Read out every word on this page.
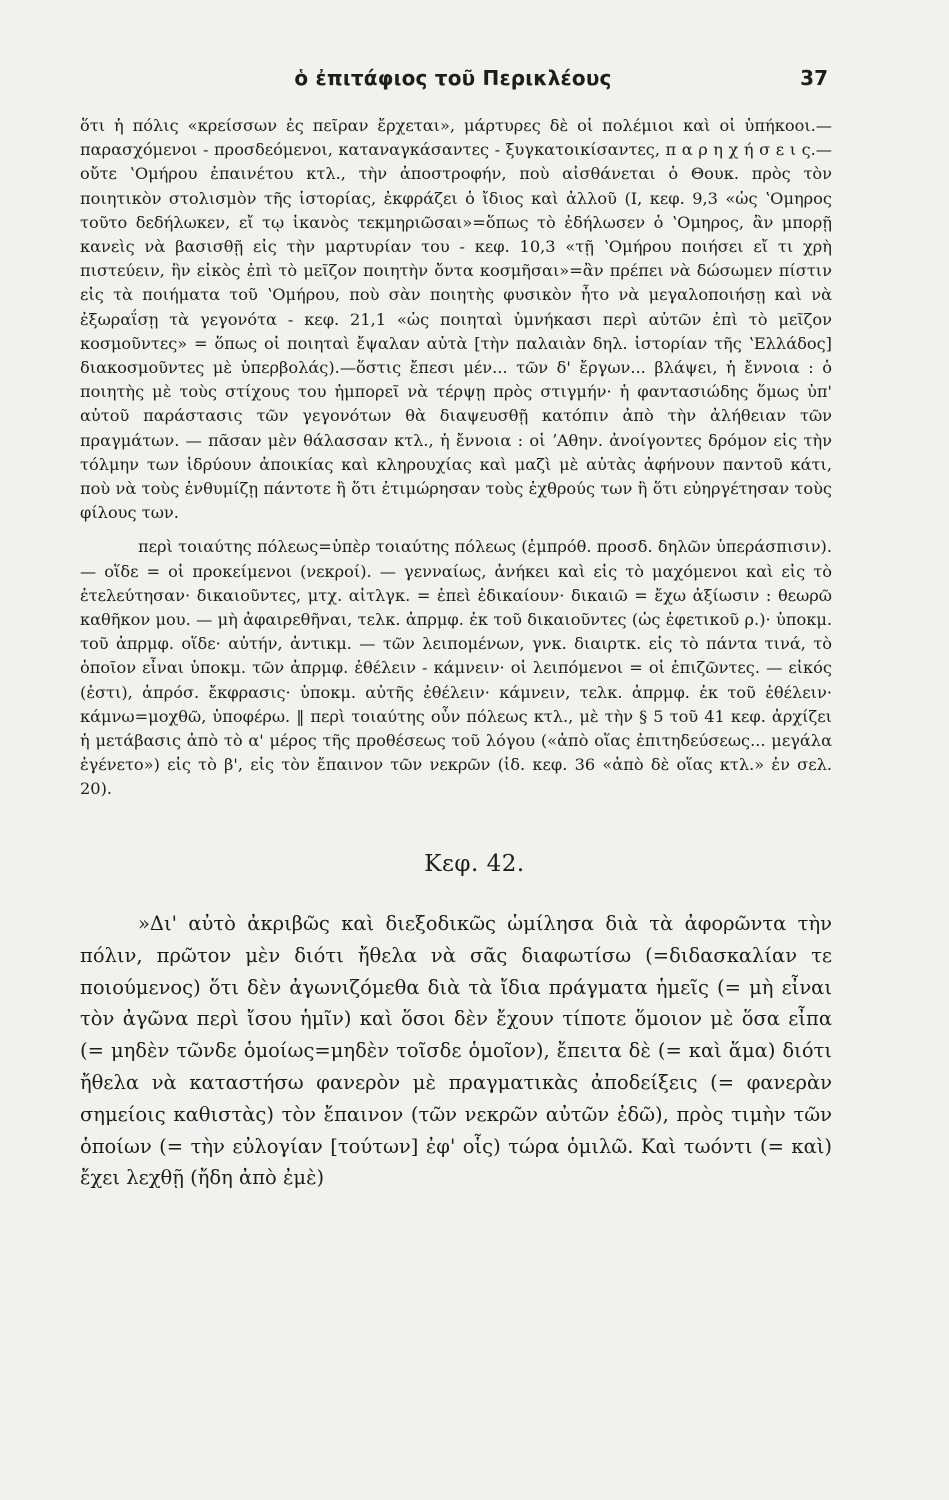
ὁ ἐπιτάφιος τοῦ Περικλέους	37

ὅτι ἡ πόλις «κρείσσων ἐς πεῖραν ἔρχεται», μάρτυρες δὲ οἱ πολέμιοι καὶ οἱ ὑπήκοοι.—παρασχόμενοι - προσδεόμενοι, καταναγκάσαντες - ξυγκατοικίσαντες, π α ρ η χ ή σ ε ι ς.—οὔτε ʽΟμήρου ἐπαινέτου κτλ., τὴν ἀποστροφήν, ποὺ αἰσθάνεται ὁ Θουκ. πρὸς τὸν ποιητικὸν στολισμὸν τῆς ἱστορίας, ἐκφράζει ὁ ἴδιος καὶ ἀλλοῦ (Ι, κεφ. 9,3 «ὡς ʽΟμηρος τοῦτο δεδήλωκεν, εἴ τῳ ἱκανὸς τεκμηριῶσαι»=ὅπως τὸ ἐδήλωσεν ὁ ʽΟμηρος, ἂν μπορῇ κανεὶς νὰ βασισθῇ εἰς τὴν μαρτυρίαν του - κεφ. 10,3 «τῇ ʽΟμήρου ποιήσει εἴ τι χρὴ πιστεύειν, ἣν εἰκὸς ἐπὶ τὸ μεῖζον ποιητὴν ὄντα κοσμῆσαι»=ἂν πρέπει νὰ δώσωμεν πίστιν εἰς τὰ ποιήματα τοῦ ʽΟμήρου, ποὺ σὰν ποιητὴς φυσικὸν ἦτο νὰ μεγαλοποιήσῃ καὶ νὰ ἐξωραΐσῃ τὰ γεγονότα - κεφ. 21,1 «ὡς ποιηταὶ ὑμνήκασι περὶ αὐτῶν ἐπὶ τὸ μεῖζον κοσμοῦντες» = ὅπως οἱ ποιηταὶ ἔψαλαν αὐτὰ [τὴν παλαιὰν δηλ. ἱστορίαν τῆς ʽΕλλάδος] διακοσμοῦντες μὲ ὑπερβολάς).—ὅστις ἔπεσι μέν... τῶν δ' ἔργων... βλάψει, ἡ ἔννοια : ὁ ποιητὴς μὲ τοὺς στίχους του ἠμπορεῖ νὰ τέρψῃ πρὸς στιγμήν· ἡ φαντασιώδης ὅμως ὑπ' αὐτοῦ παράστασις τῶν γεγονότων θὰ διαψευσθῇ κατόπιν ἀπὸ τὴν ἀλήθειαν τῶν πραγμάτων. — πᾶσαν μὲν θάλασσαν κτλ., ἡ ἔννοια : οἱ ʼΑθην. ἀνοίγοντες δρόμον εἰς τὴν τόλμην των ἱδρύουν ἀποικίας καὶ κληρουχίας καὶ μαζὶ μὲ αὐτὰς ἀφήνουν παντοῦ κάτι, ποὺ νὰ τοὺς ἐνθυμίζῃ πάντοτε ἢ ὅτι ἐτιμώρησαν τοὺς ἐχθρούς των ἢ ὅτι εὐηργέτησαν τοὺς φίλους των.

περὶ τοιαύτης πόλεως=ὑπὲρ τοιαύτης πόλεως (ἐμπρόθ. προσδ. δηλῶν ὑπεράσπισιν). — οἵδε = οἱ προκείμενοι (νεκροί). — γενναίως, ἀνήκει καὶ εἰς τὸ μαχόμενοι καὶ εἰς τὸ ἐτελεύτησαν· δικαιοῦντες, μτχ. αἰτλγκ. = ἐπεὶ ἐδικαίουν· δικαιῶ = ἔχω ἀξίωσιν : θεωρῶ καθῆκον μου. — μὴ ἀφαιρεθῆναι, τελκ. ἀπρμφ. ἐκ τοῦ δικαιοῦντες (ὡς ἐφετικοῦ ρ.)· ὑποκμ. τοῦ ἀπρμφ. οἵδε· αὐτήν, ἀντικμ. — τῶν λειπομένων, γνκ. διαιρτκ. εἰς τὸ πάντα τινά, τὸ ὁποῖον εἶναι ὑποκμ. τῶν ἀπρμφ. ἐθέλειν - κάμνειν· οἱ λειπόμενοι = οἱ ἐπιζῶντες. — εἰκός (ἐστι), ἀπρόσ. ἔκφρασις· ὑποκμ. αὐτῆς ἐθέλειν· κάμνειν, τελκ. ἀπρμφ. ἐκ τοῦ ἐθέλειν· κάμνω=μοχθῶ, ὑποφέρω. ‖ περὶ τοιαύτης οὖν πόλεως κτλ., μὲ τὴν § 5 τοῦ 41 κεφ. ἀρχίζει ἡ μετάβασις ἀπὸ τὸ α' μέρος τῆς προθέσεως τοῦ λόγου («ἀπὸ οἵας ἐπιτηδεύσεως... μεγάλα ἐγένετο») εἰς τὸ β', εἰς τὸν ἔπαινον τῶν νεκρῶν (ἰδ. κεφ. 36 «ἀπὸ δὲ οἵας κτλ.» ἐν σελ. 20).

Κεφ. 42.

»Δι' αὐτὸ ἀκριβῶς καὶ διεξοδικῶς ὡμίλησα διὰ τὰ ἀφορῶντα τὴν πόλιν, πρῶτον μὲν διότι ἤθελα νὰ σᾶς διαφωτίσω (=διδασκαλίαν τε ποιούμενος) ὅτι δὲν ἀγωνιζόμεθα διὰ τὰ ἴδια πράγματα ἡμεῖς (= μὴ εἶναι τὸν ἀγῶνα περὶ ἴσου ἡμῖν) καὶ ὅσοι δὲν ἔχουν τίποτε ὅμοιον μὲ ὅσα εἶπα (= μηδὲν τῶνδε ὁμοίως=μηδὲν τοῖσδε ὁμοῖον), ἔπειτα δὲ (= καὶ ἅμα) διότι ἤθελα νὰ καταστήσω φανερὸν μὲ πραγματικὰς ἀποδείξεις (= φανερὰν σημείοις καθιστὰς) τὸν ἔπαινον (τῶν νεκρῶν αὐτῶν ἐδῶ), πρὸς τιμὴν τῶν ὁποίων (= τὴν εὐλογίαν [τούτων] ἐφ' οἷς) τώρα ὁμιλῶ. Καὶ τωόντι (= καὶ) ἔχει λεχθῇ (ἤδη ἀπὸ ἐμὲ)
